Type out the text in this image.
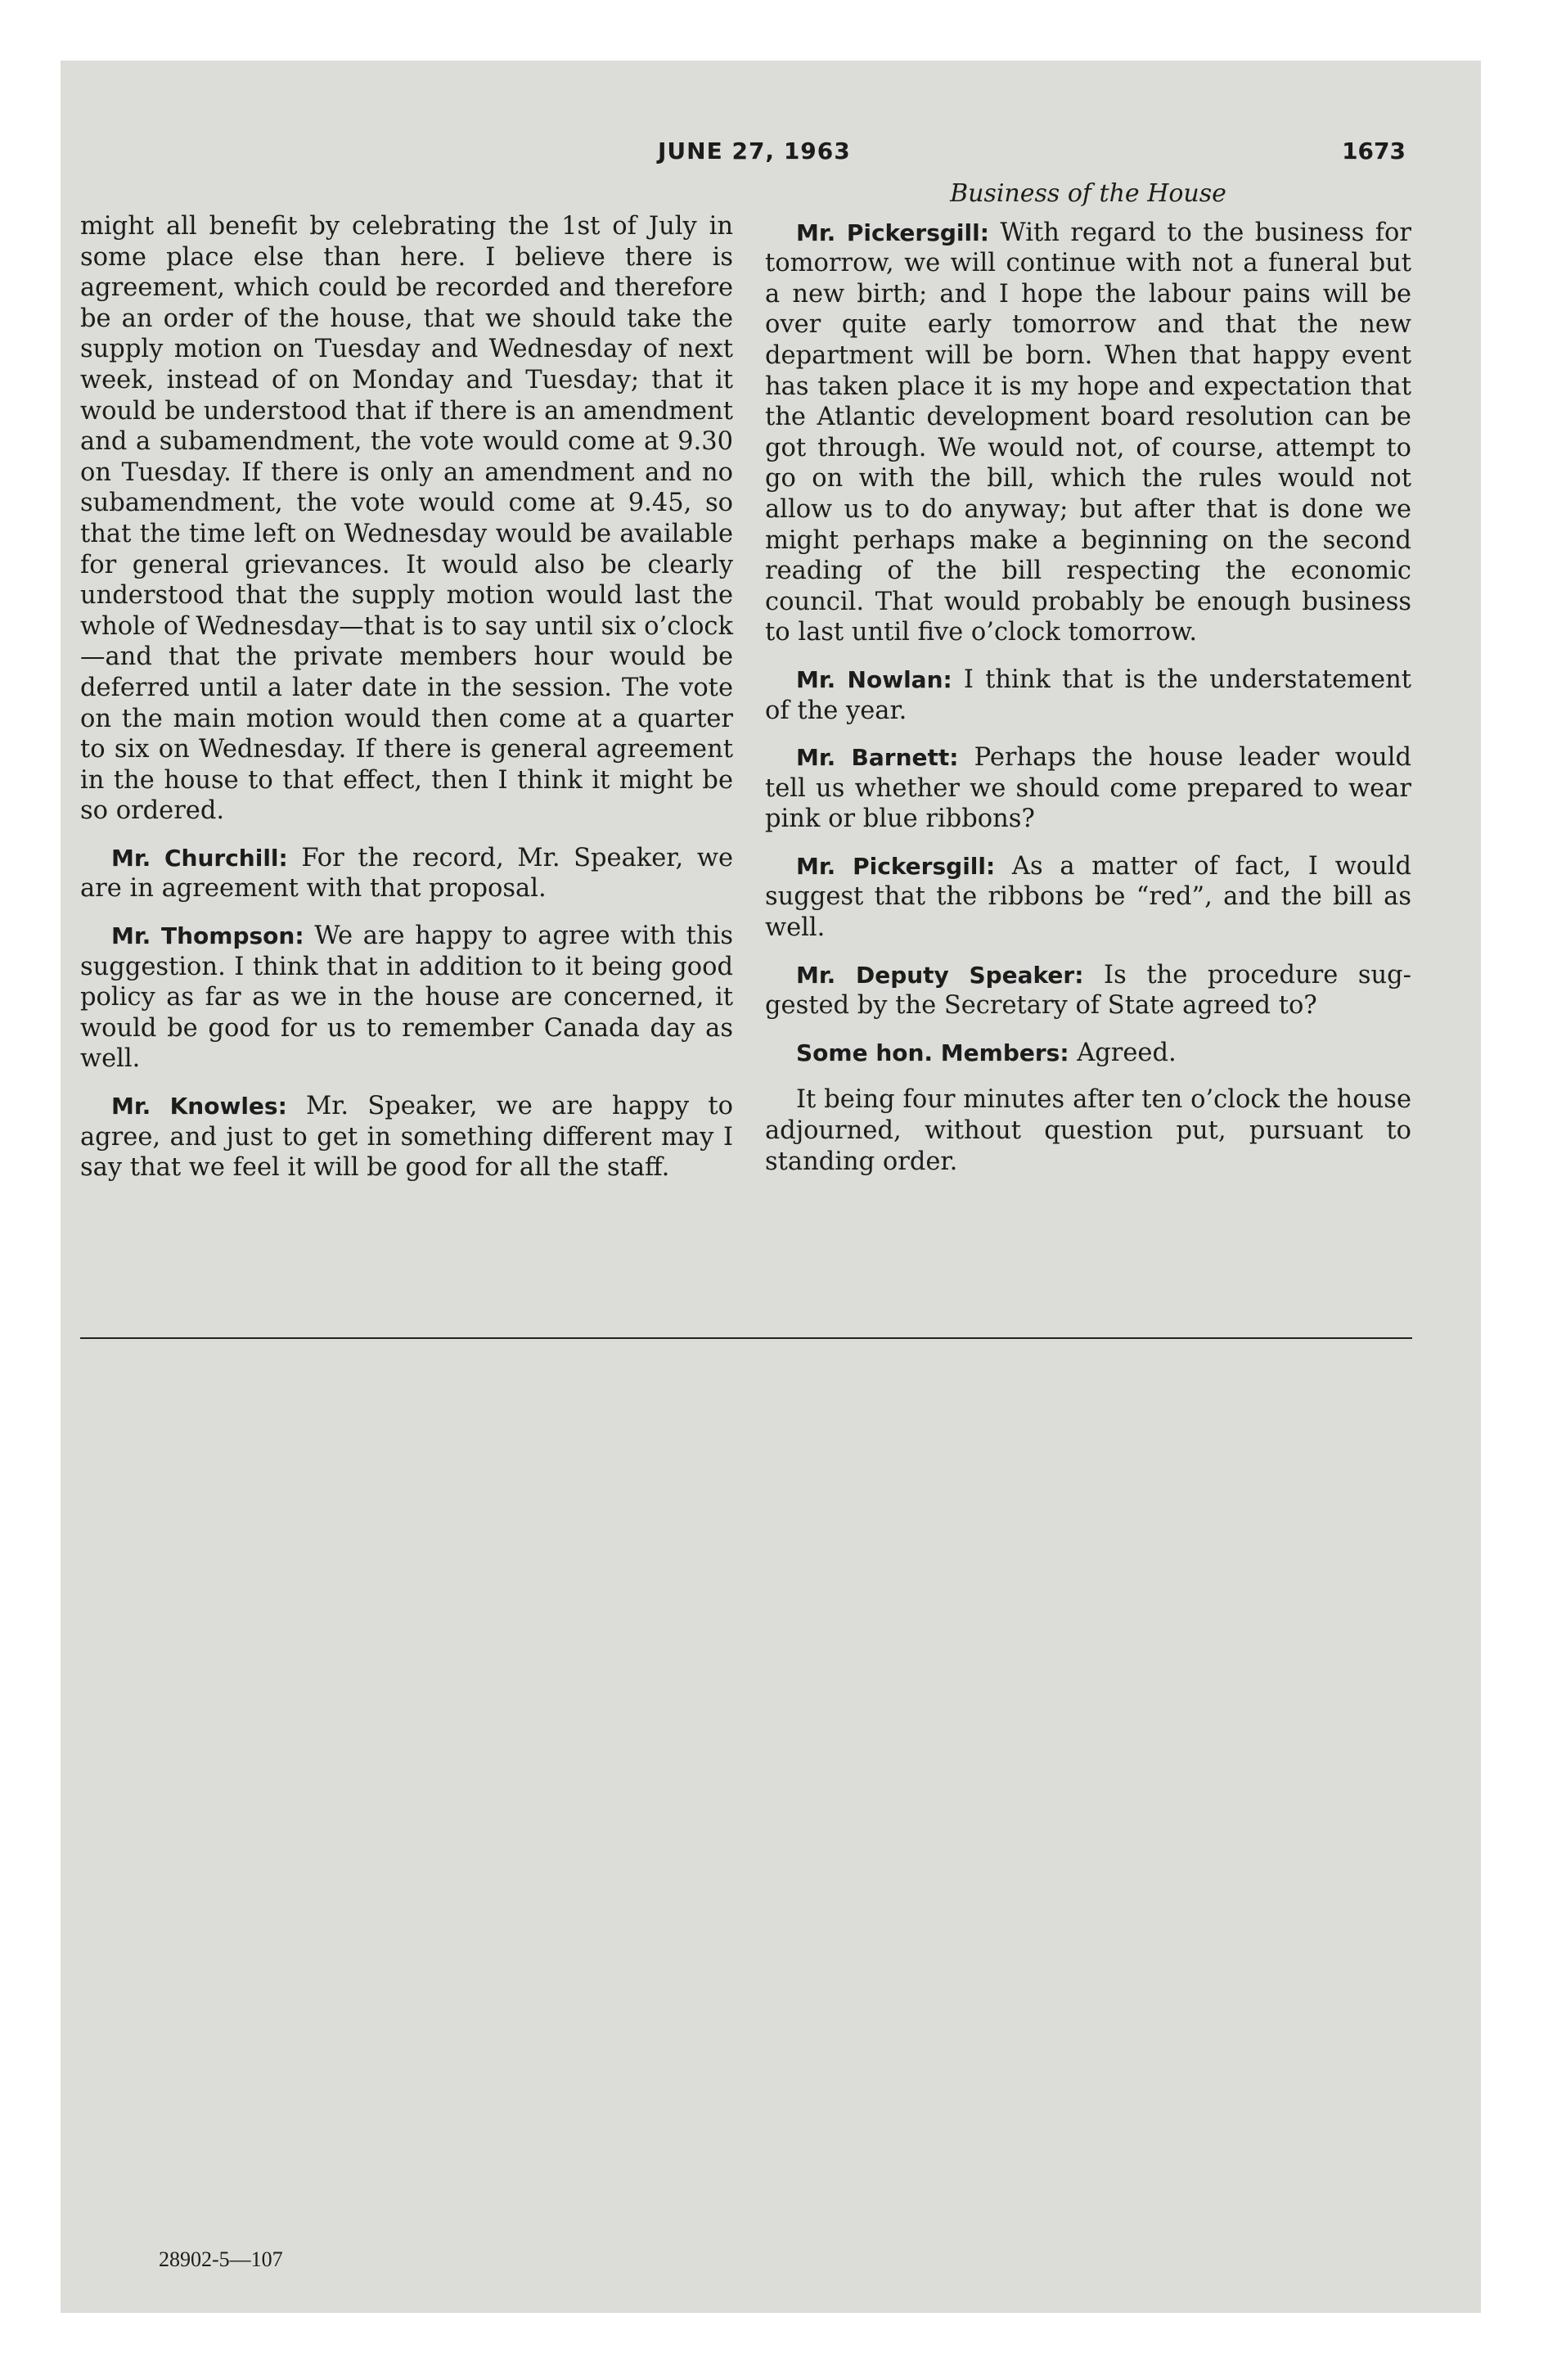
JUNE 27, 1963	1673

might all benefit by celebrating the 1st of July in some place else than here. I believe there is agreement, which could be recorded and therefore be an order of the house, that we should take the supply motion on Tuesday and Wednesday of next week, instead of on Monday and Tuesday; that it would be understood that if there is an amendment and a subamendment, the vote would come at 9.30 on Tuesday. If there is only an amendment and no subamendment, the vote would come at 9.45, so that the time left on Wednesday would be available for general grievances. It would also be clearly understood that the supply motion would last the whole of Wednesday—that is to say until six o’clock—and that the private members hour would be deferred until a later date in the session. The vote on the main motion would then come at a quarter to six on Wednesday. If there is general agreement in the house to that effect, then I think it might be so ordered.

Mr. Churchill: For the record, Mr. Speaker, we are in agreement with that proposal.

Mr. Thompson: We are happy to agree with this suggestion. I think that in addition to it being good policy as far as we in the house are concerned, it would be good for us to remember Canada day as well.

Mr. Knowles: Mr. Speaker, we are happy to agree, and just to get in something different may I say that we feel it will be good for all the staff.

Business of the House

Mr. Pickersgill: With regard to the business for tomorrow, we will continue with not a funeral but a new birth; and I hope the labour pains will be over quite early tomorrow and that the new department will be born. When that happy event has taken place it is my hope and expectation that the Atlantic development board resolution can be got through. We would not, of course, attempt to go on with the bill, which the rules would not allow us to do anyway; but after that is done we might perhaps make a beginning on the second reading of the bill respecting the economic council. That would probably be enough business to last until five o’clock tomorrow.

Mr. Nowlan: I think that is the understatement of the year.

Mr. Barnett: Perhaps the house leader would tell us whether we should come prepared to wear pink or blue ribbons?

Mr. Pickersgill: As a matter of fact, I would suggest that the ribbons be “red”, and the bill as well.

Mr. Deputy Speaker: Is the procedure suggested by the Secretary of State agreed to?

Some hon. Members: Agreed.

It being four minutes after ten o’clock the house adjourned, without question put, pursuant to standing order.

28902-5—107
